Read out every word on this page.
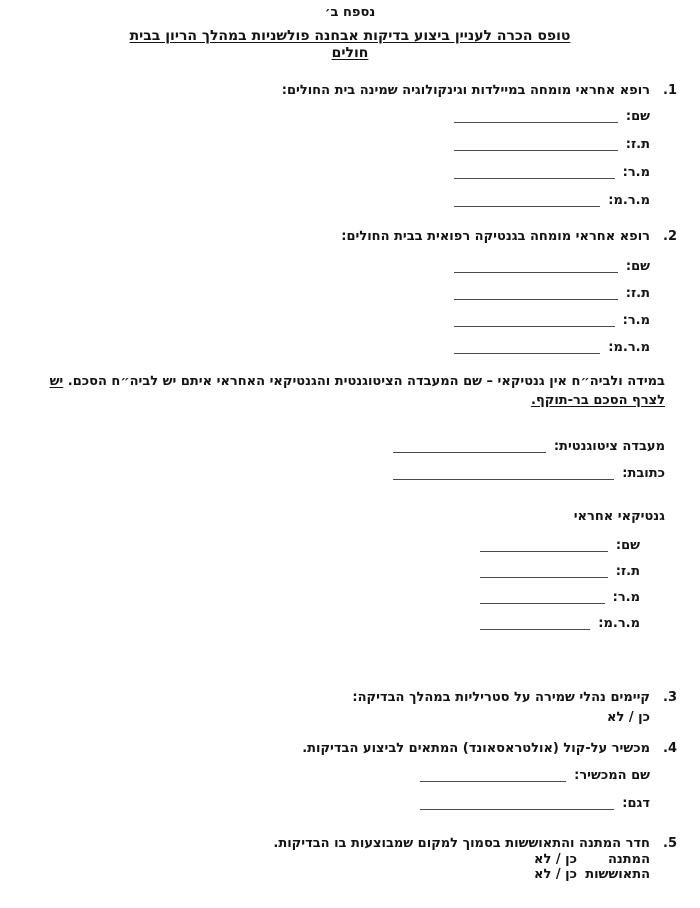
נספח ב׳
טופס הכרה לעניין ביצוע בדיקות אבחנה פולשניות במהלך הריון בבית
חולים
1.
רופא אחראי מומחה במיילדות וגינקולוגיה שמינה בית החולים:
שם:
ת.ז:
מ.ר:
מ.ר.מ:
2.
רופא אחראי מומחה בגנטיקה רפואית בבית החולים:
שם:
ת.ז:
מ.ר:
מ.ר.מ:
במידה ולביה״ח אין גנטיקאי – שם המעבדה הציטוגנטית והגנטיקאי האחראי איתם יש לביה״ח הסכם. יש
לצרף הסכם בר-תוקף.
מעבדה ציטוגנטית:
כתובת:
גנטיקאי אחראי
שם:
ת.ז:
מ.ר:
מ.ר.מ:
3.
קיימים נהלי שמירה על סטריליות במהלך הבדיקה:
כן / לא
4.
מכשיר על-קול (אולטראסאונד) המתאים לביצוע הבדיקות.
שם המכשיר:
דגם:
5.
חדר המתנה והתאוששות בסמוך למקום שמבוצעות בו הבדיקות.
המתנה
כן / לא
התאוששות
כן / לא
